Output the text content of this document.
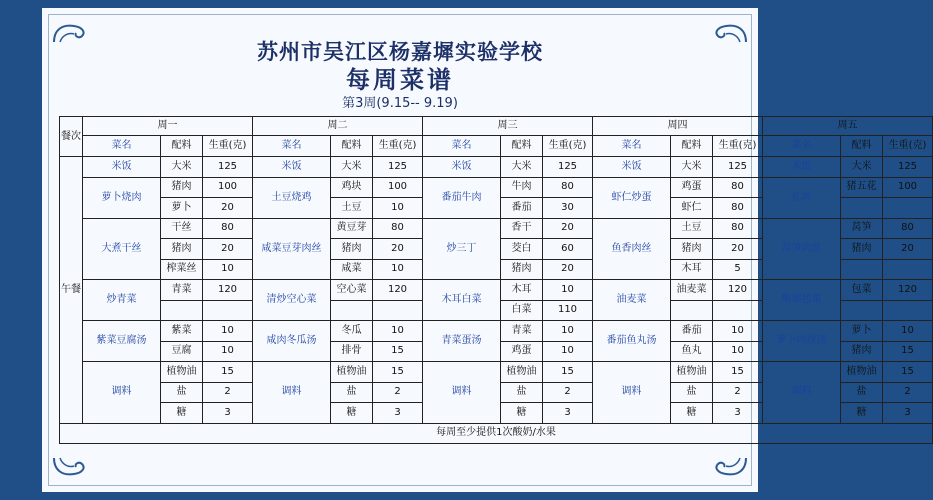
苏州市吴江区杨嘉墀实验学校
每周菜谱
第3周(9.15-- 9.19)
餐次	周一			周二			周三			周四			周五		
	菜名	配料	生重(克)	菜名	配料	生重(克)	菜名	配料	生重(克)	菜名	配料	生重(克)	菜名	配料	生重(克)
午餐	米饭	大米	125	米饭	大米	125	米饭	大米	125	米饭	大米	125	米饭	大米	125
	萝卜烧肉	猪肉	100	土豆烧鸡	鸡块	100	番茄牛肉	牛肉	80	虾仁炒蛋	鸡蛋	80	扎肉	猪五花	100
		萝卜	20		土豆	10		番茄	30		虾仁	80			
	大煮干丝	干丝	80	咸菜豆芽肉丝	黄豆芽	80	炒三丁	香干	20	鱼香肉丝	土豆	80	莴笋肉丝	莴笋	80
		猪肉	20		猪肉	20		茭白	60		猪肉	20		猪肉	20
		榨菜丝	10		咸菜	10		猪肉	20		木耳	5			
	炒青菜	青菜	120	清炒空心菜	空心菜	120	木耳白菜	木耳	10	油麦菜	油麦菜	120	醋溜包菜	包菜	120
								白菜	110						
	紫菜豆腐汤	紫菜	10	咸肉冬瓜汤	冬瓜	10	青菜蛋汤	青菜	10	番茄鱼丸汤	番茄	10	萝卜肉丝汤	萝卜	10
		豆腐	10		排骨	15		鸡蛋	10		鱼丸	10		猪肉	15
	调料	植物油	15	调料	植物油	15	调料	植物油	15	调料	植物油	15	调料	植物油	15
		盐	2		盐	2		盐	2		盐	2		盐	2
		糖	3		糖	3		糖	3		糖	3		糖	3
每周至少提供1次酸奶/水果															
